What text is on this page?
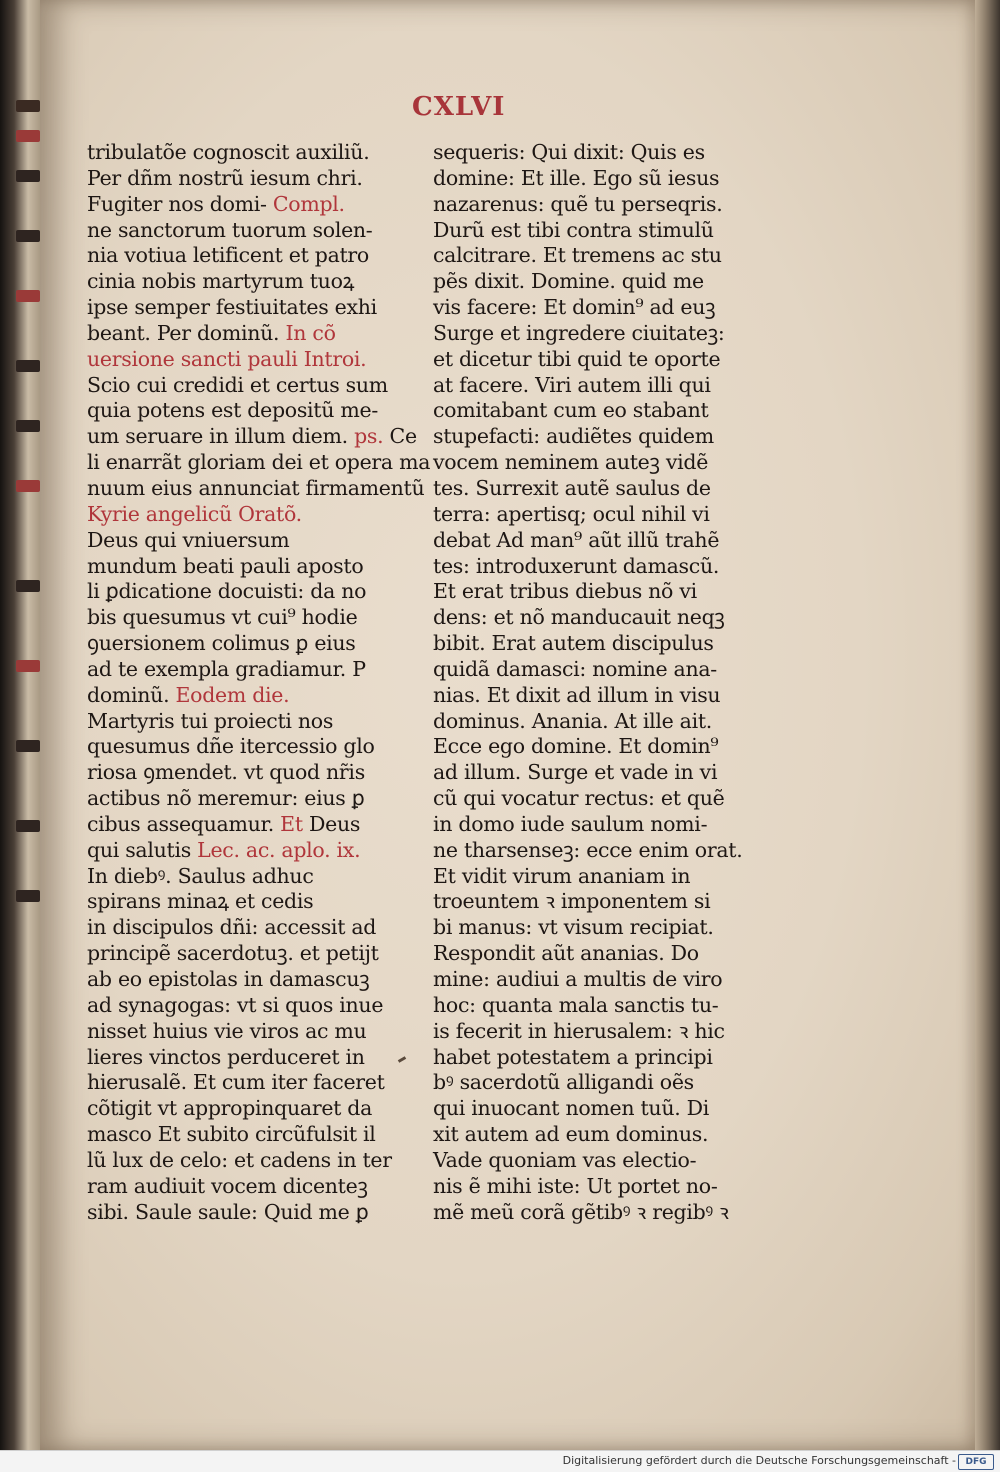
CXLVI
tribulatõe cognoscit auxiliũ.
Per dñm nostrũ iesum chri.
Fugiter nos domi- Compl.
ne sanctorum tuorum solen-
nia votiua letificent et patro
cinia nobis martyrum tuoꝝ
ipse semper festiuitates exhi
beant. Per dominũ. In cõ
uersione sancti pauli Introi.
Scio cui credidi et certus sum
quia potens est depositũ me-
um seruare in illum diem. ps. Ce
li enarrãt gloriam dei et opera ma
nuum eius annunciat firmamentũ
Kyrie angelicũ Oratõ.
Deus qui vniuersum
mundum beati pauli aposto
li ꝑdicatione docuisti: da no
bis quesumus vt cui⁹ hodie
ꝯuersionem colimus ꝑ eius
ad te exempla gradiamur. P
dominũ. Eodem die.
Martyris tui proiecti nos
quesumus dñe itercessio glo
riosa ꝯmendet. vt quod nr̃is
actibus nõ meremur: eius ꝑ
cibus assequamur. Et Deus
qui salutis Lec. ac. aplo. ix.
In diebꝰ. Saulus adhuc
spirans minaꝝ et cedis
in discipulos dñi: accessit ad
principẽ sacerdotuꝫ. et petijt
ab eo epistolas in damascuꝫ
ad synagogas: vt si quos inue
nisset huius vie viros ac mu
lieres vinctos perduceret in
hierusalẽ. Et cum iter faceret
cõtigit vt appropinquaret da
masco Et subito circũfulsit il
lũ lux de celo: et cadens in ter
ram audiuit vocem dicenteꝫ
sibi. Saule saule: Quid me ꝑ
sequeris: Qui dixit: Quis es
domine: Et ille. Ego sũ iesus
nazarenus: quẽ tu perseqris.
Durũ est tibi contra stimulũ
calcitrare. Et tremens ac stu
pẽs dixit. Domine. quid me
vis facere: Et domin⁹ ad euꝫ
Surge et ingredere ciuitateꝫ:
et dicetur tibi quid te oporte
at facere. Viri autem illi qui
comitabant cum eo stabant
stupefacti: audiẽtes quidem
vocem neminem auteꝫ vidẽ
tes. Surrexit autẽ saulus de
terra: apertisq; ocul nihil vi
debat Ad man⁹ aũt illũ trahẽ
tes: introduxerunt damascũ.
Et erat tribus diebus nõ vi
dens: et nõ manducauit neqꝫ
bibit. Erat autem discipulus
quidã damasci: nomine ana-
nias. Et dixit ad illum in visu
dominus. Anania. At ille ait.
Ecce ego domine. Et domin⁹
ad illum. Surge et vade in vi
cũ qui vocatur rectus: et quẽ
in domo iude saulum nomi-
ne tharsenseꝫ: ecce enim orat.
Et vidit virum ananiam in
troeuntem ꝛ imponentem si
bi manus: vt visum recipiat.
Respondit aũt ananias. Do
mine: audiui a multis de viro
hoc: quanta mala sanctis tu-
is fecerit in hierusalem: ꝛ hic
habet potestatem a principi
bꝰ sacerdotũ alligandi oẽs
qui inuocant nomen tuũ. Di
xit autem ad eum dominus.
Vade quoniam vas electio-
nis ẽ mihi iste: Ut portet no-
mẽ meũ corã gẽtibꝰ ꝛ regibꝰ ꝛ
Digitalisierung gefördert durch die Deutsche Forschungsgemeinschaft -	DFG
